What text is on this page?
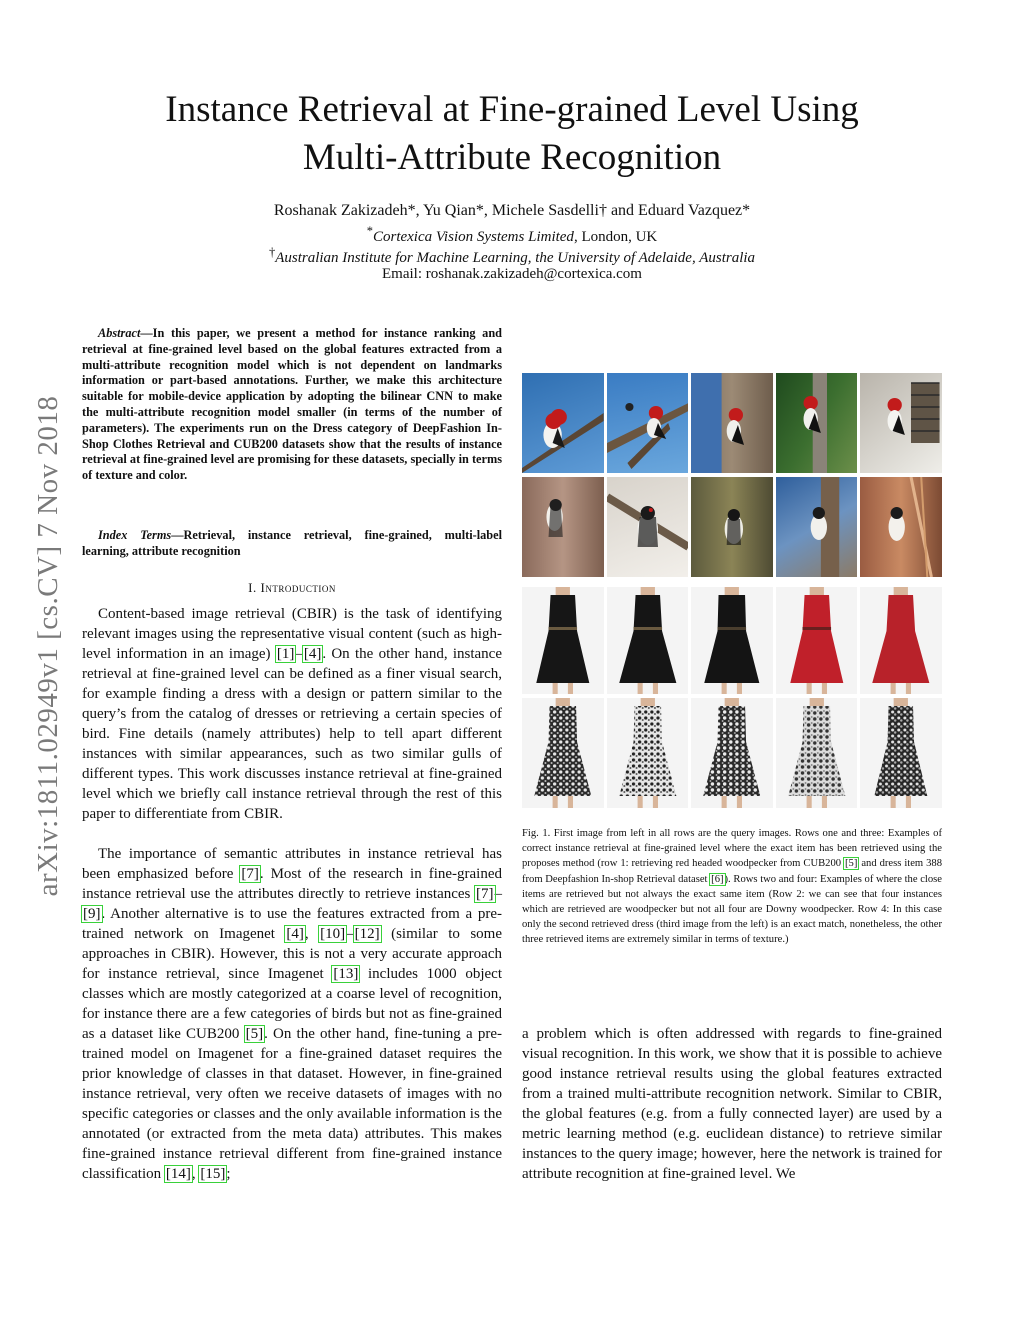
Instance Retrieval at Fine-grained Level Using
Multi-Attribute Recognition
Roshanak Zakizadeh*, Yu Qian*, Michele Sasdelli† and Eduard Vazquez*
*Cortexica Vision Systems Limited, London, UK
†Australian Institute for Machine Learning, the University of Adelaide, Australia
Email: roshanak.zakizadeh@cortexica.com
arXiv:1811.02949v1 [cs.CV] 7 Nov 2018
Abstract—In this paper, we present a method for instance ranking and retrieval at fine-grained level based on the global features extracted from a multi-attribute recognition model which is not dependent on landmarks information or part-based annotations. Further, we make this architecture suitable for mobile-device application by adopting the bilinear CNN to make the multi-attribute recognition model smaller (in terms of the number of parameters). The experiments run on the Dress category of DeepFashion In-Shop Clothes Retrieval and CUB200 datasets show that the results of instance retrieval at fine-grained level are promising for these datasets, specially in terms of texture and color.
Index Terms—Retrieval, instance retrieval, fine-grained, multi-label learning, attribute recognition
I. Introduction
Content-based image retrieval (CBIR) is the task of identifying relevant images using the representative visual content (such as high-level information in an image) [1]–[4]. On the other hand, instance retrieval at fine-grained level can be defined as a finer visual search, for example finding a dress with a design or pattern similar to the query’s from the catalog of dresses or retrieving a certain species of bird. Fine details (namely attributes) help to tell apart different instances with similar appearances, such as two similar gulls of different types. This work discusses instance retrieval at fine-grained level which we briefly call instance retrieval through the rest of this paper to differentiate from CBIR.
The importance of semantic attributes in instance retrieval has been emphasized before [7]. Most of the research in fine-grained instance retrieval use the attributes directly to retrieve instances [7]–[9]. Another alternative is to use the features extracted from a pre-trained network on Imagenet [4], [10]–[12] (similar to some approaches in CBIR). However, this is not a very accurate approach for instance retrieval, since Imagenet [13] includes 1000 object classes which are mostly categorized at a coarse level of recognition, for instance there are a few categories of birds but not as fine-grained as a dataset like CUB200 [5]. On the other hand, fine-tuning a pre-trained model on Imagenet for a fine-grained dataset requires the prior knowledge of classes in that dataset. However, in fine-grained instance retrieval, very often we receive datasets of images with no specific categories or classes and the only available information is the annotated (or extracted from the meta data) attributes. This makes fine-grained instance retrieval different from fine-grained instance classification [14], [15];
Fig. 1. First image from left in all rows are the query images. Rows one and three: Examples of correct instance retrieval at fine-grained level where the exact item has been retrieved using the proposes method (row 1: retrieving red headed woodpecker from CUB200 [5] and dress item 388 from Deepfashion In-shop Retrieval dataset [6]). Rows two and four: Examples of where the close items are retrieved but not always the exact same item (Row 2: we can see that four instances which are retrieved are woodpecker but not all four are Downy woodpecker. Row 4: In this case only the second retrieved dress (third image from the left) is an exact match, nonetheless, the other three retrieved items are extremely similar in terms of texture.)
a problem which is often addressed with regards to fine-grained visual recognition. In this work, we show that it is possible to achieve good instance retrieval results using the global features extracted from a trained multi-attribute recognition network. Similar to CBIR, the global features (e.g. from a fully connected layer) are used by a metric learning method (e.g. euclidean distance) to retrieve similar instances to the query image; however, here the network is trained for attribute recognition at fine-grained level. We
